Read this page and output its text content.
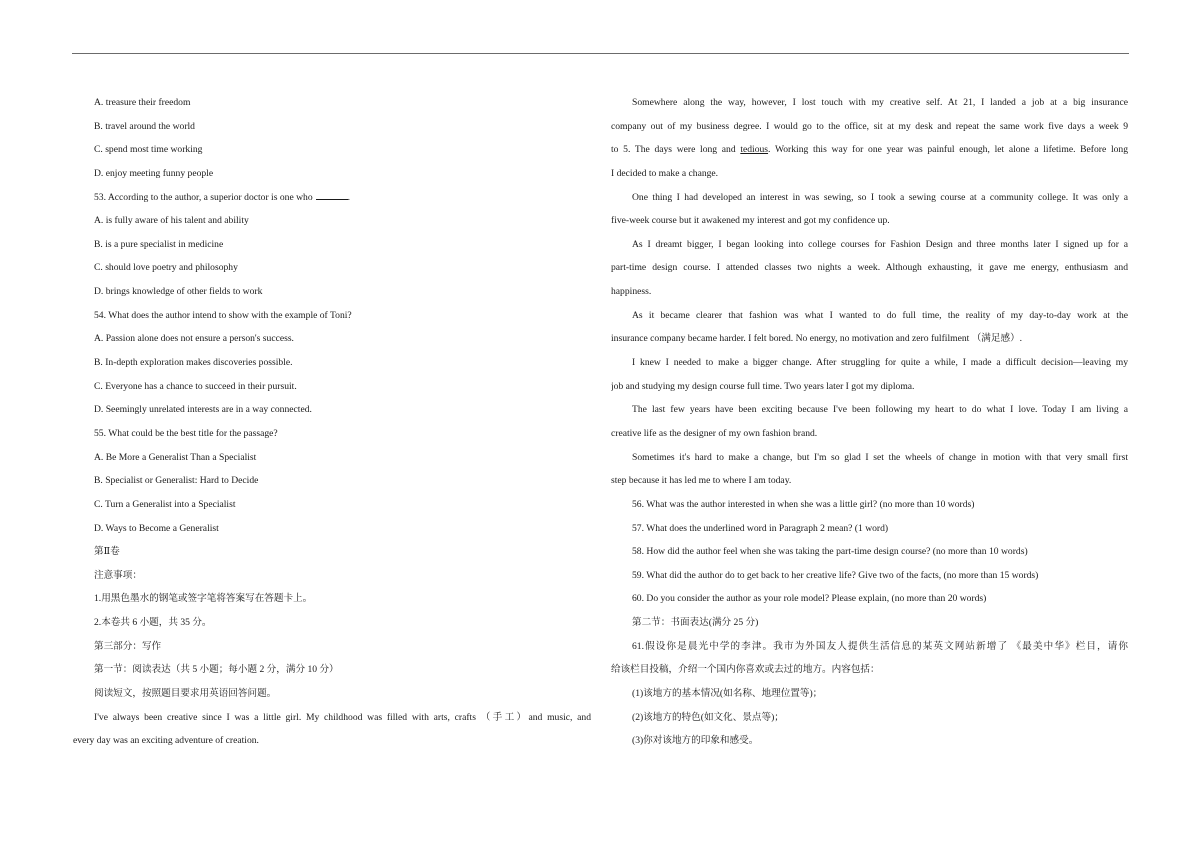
A. treasure their freedom
B. travel around the world
C. spend most time working
D. enjoy meeting funny people
53. According to the author, a superior doctor is one who	.
A. is fully aware of his talent and ability
B. is a pure specialist in medicine
C. should love poetry and philosophy
D. brings knowledge of other fields to work
54. What does the author intend to show with the example of Toni?
A. Passion alone does not ensure a person's success.
B. In-depth exploration makes discoveries possible.
C. Everyone has a chance to succeed in their pursuit.
D. Seemingly unrelated interests are in a way connected.
55. What could be the best title for the passage?
A. Be More a Generalist Than a Specialist
B. Specialist or Generalist: Hard to Decide
C. Turn a Generalist into a Specialist
D. Ways to Become a Generalist
第Ⅱ卷
注意事项：
1.用黑色墨水的钢笔或签字笔将答案写在答题卡上。
2.本卷共 6 小题，共 35 分。
第三部分：写作
第一节：阅读表达（共 5 小题；每小题 2 分，满分 10 分）
阅读短文，按照题目要求用英语回答问题。
I've always been creative since I was a little girl. My childhood was filled with arts, crafts （手工）and music, and
every day was an exciting adventure of creation.
Somewhere along the way, however, I lost touch with my creative self. At 21, I landed a job at a big insurance
company out of my business degree. I would go to the office, sit at my desk and repeat the same work five days a week 9
to 5. The days were long and tedious. Working this way for one year was painful enough, let alone a lifetime. Before long
I decided to make a change.
One thing I had developed an interest in was sewing, so I took a sewing course at a community college. It was only a
five-week course but it awakened my interest and got my confidence up.
As I dreamt bigger, I began looking into college courses for Fashion Design and three months later I signed up for a
part-time design course. I attended classes two nights a week. Although exhausting, it gave me energy, enthusiasm and
happiness.
As it became clearer that fashion was what I wanted to do full time, the reality of my day-to-day work at the
insurance company became harder. I felt bored. No energy, no motivation and zero fulfilment （满足感）.
I knew I needed to make a bigger change. After struggling for quite a while, I made a difficult decision—leaving my
job and studying my design course full time. Two years later I got my diploma.
The last few years have been exciting because I've been following my heart to do what I love. Today I am living a
creative life as the designer of my own fashion brand.
Sometimes it's hard to make a change, but I'm so glad I set the wheels of change in motion with that very small first
step because it has led me to where I am today.
56. What was the author interested in when she was a little girl? (no more than 10 words)
57. What does the underlined word in Paragraph 2 mean? (1 word)
58. How did the author feel when she was taking the part-time design course? (no more than 10 words)
59. What did the author do to get back to her creative life? Give two of the facts, (no more than 15 words)
60. Do you consider the author as your role model? Please explain, (no more than 20 words)
第二节：书面表达(满分 25 分)
61.假设你是晨光中学的李津。我市为外国友人提供生活信息的某英文网站新增了 《最美中华》栏目，请你
给该栏目投稿，介绍一个国内你喜欢或去过的地方。内容包括：
(1)该地方的基本情况(如名称、地理位置等)；
(2)该地方的特色(如文化、景点等)；
(3)你对该地方的印象和感受。
